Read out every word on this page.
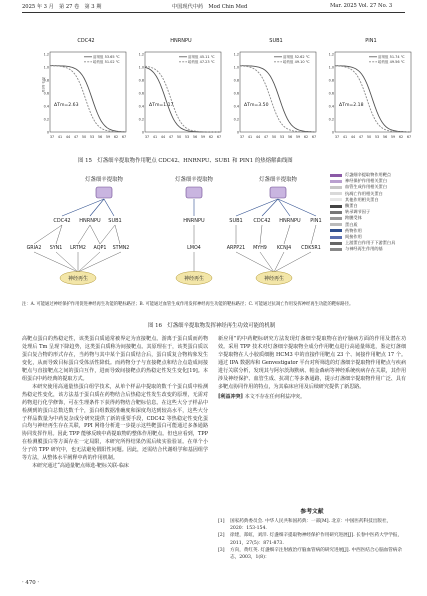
2025 年 3 月　第 27 卷　第 3 期	中国现代中药　Mod Chin Med	Mar. 2025 Vol. 27 No. 3
CDC42
1.2
1.0
0.8
0.6
0.4
0.2
0
37 41 44 47 50 53 56 59 62 67
相对丰度
溶剂组 53.65 ℃
给药组 51.02 ℃
ΔTm=2.63
HNRNPU
1.2
1.0
0.8
0.6
0.4
0.2
0
37 41 44 47 50 53 56 59 62 67
溶剂组 45.11 ℃
给药组 47.23 ℃
ΔTm=1.17
SUB1
1.2
1.0
0.8
0.6
0.4
0.2
0
37 41 44 47 50 53 56 59 62 67
溶剂组 52.62 ℃
给药组 49.10 ℃
ΔTm=3.50
PIN1
1.2
1.0
0.8
0.6
0.4
0.2
0
37 41 44 47 50 53 56 59 62 67
溶剂组 51.74 ℃
给药组 49.56 ℃
ΔTm=2.18
图 15　灯盏细辛提取物作用靶点 CDC42、HNRNPU、SUB1 和 PIN1 的热熔解曲线图
灯盏细辛提取物
CDC42 HNRNPU SUB1
GRIA2 SYN1 LRTM2 AQP1 STMN2
神经再生
灯盏细辛提取物
HNRNPU
LMO4
神经再生
灯盏细辛提取物
SUB1 CDC42 HNRNPU PIN1
ARPP21 MYH9 KCNJ4 CDK5R1
神经再生
灯盏细辛提取物作用靶点
神经保护作用相关蛋白
血管生成作用相关蛋白
抗凋亡作用相关蛋白
其他作用相关蛋白
酶蛋白
转录调节因子
跨膜受体
蛋白质
药物作用
间接作用
上游蛋白作用于下游蛋白具
与神经再生作用的基
注：A. 可能通过神经保护作用促进神经再生功能的靶标路径；B. 可能通过血管生成作用发挥神经再生功能的靶标路径；C. 可能通过抗凋亡作用发挥神经再生功能的靶标路径。
图 16　灯盏细辛提取物发挥神经再生功效可能的机制

高靶点蛋白的热稳定性，该类蛋白质通常被界定为直接靶点。游离于蛋白质而药物处理后 Tm 呈现下降趋势，这类蛋白质称为间接靶点。其原理在于，该类蛋白质以蛋白复合物的形式存在，当药物与其中某个蛋白质结合后，蛋白质复合物构象发生变化，从而导致目标蛋白受体活性降低。而药物分子与直接靶点和结合点造成间接靶点与直接靶点之间的蛋白互作，进而导致间接靶点的热稳定性发生变化[19]。本组蛋白中药经典的提取方式。

本研究使用高通量热蛋白组学技术，从单个样品中提取的数千个蛋白质中检测热稳定性变化，该方法基于蛋白质在药物结合后热稳定性发生改变的原理，无需对药物进行化学修饰，可在生理条件下获得药物结合靶标信息。在这些大分子样品中检测到的蛋白总数达数千个，蛋白组数据准确度和深度均达到较高水平，这些大分子样品数量为中药复杂成分研究提供了新的重要手段，CDC42 等热稳定性变化蛋白均与神经再生存在关联，PPI 网络分析进一步提示这些靶蛋白可能通过多条通路协同发挥作用。因此 TPP 能够反映中药提取物的整体作用靶点。但也应看到，TPP 在检测膜蛋白等方面存在一定局限，本研究所得结果仍需后续实验验证。在单个小分子的 TPP 研究中，也无法避免假阳性问题。因此，还需结合代谢组学和基因组学等方法，从整体水平阐释中药的作用机制。

本研究通过“高通量靶点筛选-靶标关联-临床

新应用”的中药靶标研究方法发现灯盏细辛提取物在治疗脑病方面的作用及潜在功效。采用 TPP 技术对灯盏细辛提取物全成分作用靶点进行高通量筛选，鉴定灯盏细辛提取物在人小胶质细胞 HCM3 中的直接作用靶点 23 个、间接作用靶点 17 个。通过 IPA 数据库和 Genvestigator 平台对所筛选的灯盏细辛提取物作用靶点与疾病进行关联分析，发现其与阿尔茨海默病、帕金森病等神经系统疾病存在关联，其作用涉及神经保护、血管生成、抗凋亡等多条通路，提示灯盏细辛提取物作用广泛、具有多靶点协同作用的特点，为其临床应用及后续研究提供了新思路。

[利益冲突] 本文不存在任何利益冲突。

参考文献
[1] 国家药典委员会. 中华人民共和国药典：一部[M]. 北京：中国医药科技出版社，2020：153-154.
[2] 徐建，郑虹，刘洋. 灯盏细辛提取物神经保护作用研究进展[J]. 长春中医药大学学报，2011，27(5)：871-873.
[3] 方向，黄红英. 灯盏细辛注射液治疗脑血管病的研究进展[J]. 中西医结合心脑血管病杂志，2003，1(8)：
· 470 ·
